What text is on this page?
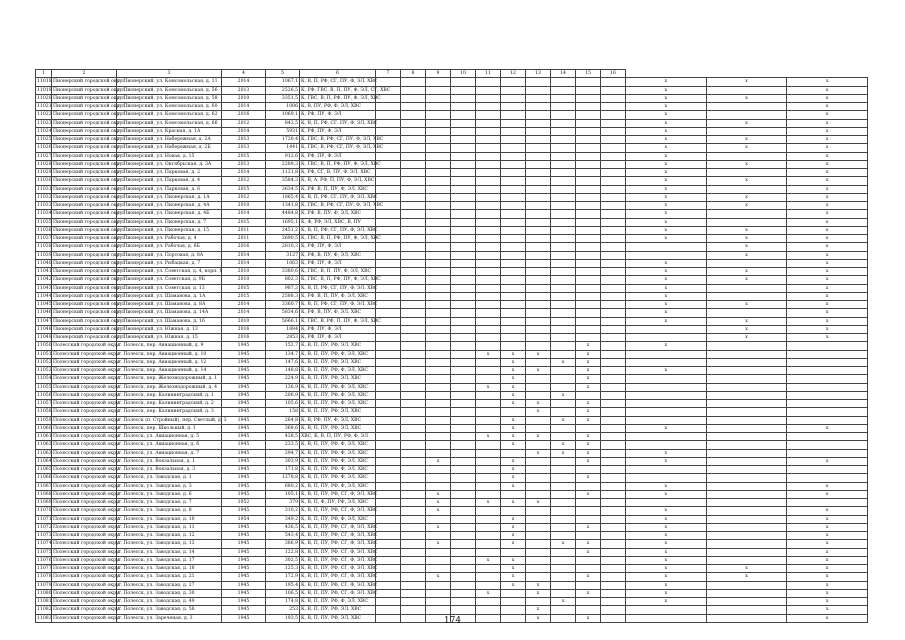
1	2	3	4	5	6	7	8	9	10	11	12	13	14	15	16			
11018	Пионерский городской округ	г. Пионерский, ул. Комсомольская, д. 11	2014	1067,1	К, В, П, РФ, СГ, ПУ, Ф, ЭЛ, ХВС											x	x	x
11019	Пионерский городской округ	г. Пионерский, ул. Комсомольская, д. 56	2013	2526,5	К, РФ, ГВС, В, П, ПУ, Ф, ЭЛ, СГ, ХВС											x		x
11020	Пионерский городской округ	г. Пионерский, ул. Комсомольская, д. 58	2010	3351,5	К, ГВС, В, П, РФ, ПУ, Ф, ЭЛ, ХВС											x	x	x
11021	Пионерский городской округ	г. Пионерский, ул. Комсомольская, д. 60	2014	1006	К, В, ПУ, РФ, Ф, ЭЛ, ХВС											x		x
11022	Пионерский городской округ	г. Пионерский, ул. Комсомольская, д. 62	2016	1069,1	К, РФ, ПУ, Ф, ЭЛ											x		x
11023	Пионерский городской округ	г. Пионерский, ул. Комсомольская, д. 66	2012	842,5	К, В, П, РФ, СГ, ПУ, Ф, ЭЛ, ХВС											x	x	x
11024	Пионерский городской округ	г. Пионерский, ул. Красная, д. 1А	2014	5931	К, РФ, ПУ, Ф, ЭЛ											x		x
11025	Пионерский городской округ	г. Пионерский, ул. Набережная, д. 2А	2013	1730,4	К, ГВС, В, РФ, СГ, ПУ, Ф, ЭЛ, ХВС											x	x	x
11026	Пионерский городской округ	г. Пионерский, ул. Набережная, д. 2Б	2013	1441	К, ГВС, В, РФ, СГ, ПУ, Ф, ЭЛ, ХВС											x	x	x
11027	Пионерский городской округ	г. Пионерский, ул. Новая, д. 15	2015	912,6	К, РФ, ПУ, Ф, ЭЛ											x		x
11028	Пионерский городской округ	г. Пионерский, ул. Октябрьская, д. 3А	2013	2289,3	К, ГВС, В, П, РФ, ПУ, Ф, ЭЛ, ХВС											x	x	x
11029	Пионерский городской округ	г. Пионерский, ул. Парковая, д. 2	2014	1121,8	К, РФ, СГ, В, ПУ, Ф, ЭЛ, ХВС											x		x
11030	Пионерский городской округ	г. Пионерский, ул. Парковая, д. 4	2012	3584,3	К, В, А, РФ, П, ПУ, Ф, ЭЛ, ХВС											x	x	x
11031	Пионерский городской округ	г. Пионерский, ул. Парковая, д. 6	2015	3634,5	К, РФ, В, П, ПУ, Ф, ЭЛ, ХВС											x		x
11032	Пионерский городской округ	г. Пионерский, ул. Пионерская, д. 1А	2012	1865,4	К, В, П, РФ, СГ, ПУ, Ф, ЭЛ, ХВС											x	x	x
11033	Пионерский городской округ	г. Пионерский, ул. Пионерская, д. 4А	2010	1341,8	К, ГВС, В, РФ, СГ, ПУ, Ф, ЭЛ, ХВС											x	x	x
11034	Пионерский городской округ	г. Пионерский, ул. Пионерская, д. 4Б	2014	4484,8	К, РФ, В, ПУ, Ф, ЭЛ, ХВС											x		x
11035	Пионерский городской округ	г. Пионерский, ул. Пионерская, д. 7	2015	1695,1	К, Ф, РФ, ЭЛ, ХВС, В, ПУ											x		x
11036	Пионерский городской округ	г. Пионерский, ул. Пионерская, д. 15	2011	2451,2	К, В, П, РФ, СГ, ПУ, Ф, ЭЛ, ХВС											x	x	x
11037	Пионерский городской округ	г. Пионерский, ул. Рабочая, д. 4	2011	2690,5	К, ГВС, В, П, РФ, ПУ, Ф, ЭЛ, ХВС											x	x	x
11038	Пионерский городской округ	г. Пионерский, ул. Рабочая, д. 6Б	2016	2810,3	К, РФ, ПУ, Ф, ЭЛ												x	x
11039	Пионерский городской округ	г. Пионерский, ул. Портовая, д. 8А	2014	3127	К, РФ, В, ПУ, Ф, ЭЛ, ХВС												x	x
11040	Пионерский городской округ	г. Пионерский, ул. Рыбацкая, д. 7	2014	1063	К, РФ, ПУ, Ф, ЭЛ											x		x
11041	Пионерский городской округ	г. Пионерский, ул. Советская, д. 4, корп. 1	2010	3380,6	К, ГВС, В, П, ПУ, Ф, ЭЛ, ХВС											x	x	x
11042	Пионерский городской округ	г. Пионерский, ул. Советская, д. 9Б	2010	802,3	К, ГВС, В, П, РФ, ПУ, Ф, ЭЛ, ХВС											x	x	x
11043	Пионерский городской округ	г. Пионерский, ул. Советская, д. 13	2015	987,3	К, В, П, РФ, СГ, ПУ, Ф, ЭЛ, ХВС											x		x
11044	Пионерский городской округ	г. Пионерский, ул. Шаманова, д. 1А	2015	2588,3	К, РФ, В, П, ПУ, Ф, ЭЛ, ХВС											x		x
11045	Пионерский городской округ	г. Пионерский, ул. Шаманова, д. 8А	2014	3360,7	К, В, П, РФ, СГ, ПУ, Ф, ЭЛ, ХВС											x	x	x
11046	Пионерский городской округ	г. Пионерский, ул. Шаманова, д. 14А	2014	5834,6	К, РФ, В, ПУ, Ф, ЭЛ, ХВС											x		x
11047	Пионерский городской округ	г. Пионерский, ул. Шаманова, д. 16	2010	5666,1	К, ГВС, В, РФ, П, ПУ, Ф, ЭЛ, ХВС											x	x	x
11048	Пионерский городской округ	г. Пионерский, ул. Южная, д. 13	2016	1884	К, РФ, ПУ, Ф, ЭЛ												x	x
11049	Пионерский городской округ	г. Пионерский, ул. Южная, д. 15	2016	2853	К, РФ, ПУ, Ф, ЭЛ												x	x
11050	Полесский городской округ	г. Полесск, пер. Авиационный, д. 9	1945	152,7	К, В, П, ПУ, РФ, ЭЛ, ХВС									x		x		
11051	Полесский городской округ	г. Полесск, пер. Авиационный, д. 10	1945	134,7	К, В, П, ПУ, РФ, Ф, ЭЛ, ХВС					x	x	x		x				
11052	Полесский городской округ	г. Полесск, пер. Авиационный, д. 12	1945	147,6	К, В, П, ПУ, РФ, ЭЛ, ХВС						x		x	x				
11053	Полесский городской округ	г. Полесск, пер. Авиационный, д. 14	1945	148,8	К, В, П, ПУ, РФ, Ф, ЭЛ, ХВС						x	x		x		x		
11054	Полесский городской округ	г. Полесск, пер. Железнодорожный, д. 1	1945	224,9	К, В, П, ПУ, РФ, ЭЛ, ХВС						x			x				
11055	Полесский городской округ	г. Полесск, пер. Железнодорожный, д. 4	1945	136,9	К, В, П, ПУ, РФ, Ф, ЭЛ, ХВС					x	x			x				
11056	Полесский городской округ	г. Полесск, пер. Калининградский, д. 1	1945	206,9	К, В, П, ПУ, РФ, Ф, ЭЛ, ХВС						x		x					
11057	Полесский городской округ	г. Полесск, пер. Калининградский, д. 2	1945	105,6	К, В, П, ПУ, РФ, Ф, ЭЛ, ХВС						x	x		x				
11058	Полесский городской округ	г. Полесск, пер. Калининградский, д. 3	1945	158	К, В, П, ПУ, РФ, ЭЛ, ХВС							x		x				
11059	Полесский городской округ	г. Полесск (п. Стройный), пер. Светлый, д. 3	1945	264,8	К, В, РФ, ПУ, Ф, ЭЛ, ХВС						x		x	x				
11060	Полесский городской округ	г. Полесск, пер. Школьный, д. 1	1945	368,6	К, В, П, ПУ, РФ, ЭЛ, ХВС						x					x		x
11061	Полесский городской округ	г. Полесск, ул. Авиационная, д. 5	1945	438,5	ХВС, К, В, П, ПУ, РФ, Ф, ЭЛ					x	x	x		x				
11062	Полесский городской округ	г. Полесск, ул. Авиационная, д. 6	1945	233,5	К, В, П, ПУ, РФ, Ф, ЭЛ, ХВС						x		x	x				
11063	Полесский городской округ	г. Полесск, ул. Авиационная, д. 7	1945	294,7	К, В, П, ПУ, РФ, Ф, ЭЛ, ХВС							x	x	x		x		
11064	Полесский городской округ	г. Полесск, ул. Вокзальная, д. 1	1945	303,9	К, В, П, ПУ, РФ, Ф, ЭЛ, ХВС			x			x			x		x		x
11065	Полесский городской округ	г. Полесск, ул. Вокзальная, д. 3	1945	171,8	К, В, П, ПУ, РФ, Ф, ЭЛ, ХВС						x							
11066	Полесский городской округ	г. Полесск, ул. Заводская, д. 1	1945	1278,8	К, В, П, ПУ, РФ, Ф, ЭЛ, ХВС						x			x				
11067	Полесский городской округ	г. Полесск, ул. Заводская, д. 3	1945	680,2	К, В, П, ПУ, РФ, Ф, ЭЛ, ХВС						x					x		x
11068	Полесский городской округ	г. Полесск, ул. Заводская, д. 6	1945	105,1	К, В, П, ПУ, РФ, СГ, Ф, ЭЛ, ХВС			x						x		x		x
11069	Полесский городской округ	г. Полесск, ул. Заводская, д. 7	1952	379	К, В, П, Ф, ПУ, РФ, ЭЛ, ХВС			x		x	x	x						
11070	Полесский городской округ	г. Полесск, ул. Заводская, д. 8	1945	310,2	К, В, П, ПУ, РФ, СГ, Ф, ЭЛ, ХВС			x								x		x
11071	Полесский городской округ	г. Полесск, ул. Заводская, д. 10	1954	349,2	К, В, П, ПУ, РФ, Ф, ЭЛ, ХВС						x					x		x
11072	Полесский городской округ	г. Полесск, ул. Заводская, д. 11	1945	436,5	К, В, П, ПУ, РФ, СГ, Ф, ЭЛ, ХВС			x			x			x		x		x
11073	Полесский городской округ	г. Полесск, ул. Заводская, д. 12	1945	543,4	К, В, П, ПУ, РФ, СГ, Ф, ЭЛ, ХВС						x					x		x
11074	Полесский городской округ	г. Полесск, ул. Заводская, д. 13	1945	386,9	К, В, П, ПУ, РФ, СГ, Ф, ЭЛ, ХВС			x			x		x	x		x		x
11075	Полесский городской округ	г. Полесск, ул. Заводская, д. 14	1945	122,8	К, В, П, ПУ, РФ, СГ, Ф, ЭЛ, ХВС									x		x		x
11076	Полесский городской округ	г. Полесск, ул. Заводская, д. 17	1945	302,5	К, В, П, ПУ, РФ, СГ, Ф, ЭЛ, ХВС					x	x					x		x
11077	Полесский городской округ	г. Полесск, ул. Заводская, д. 18	1945	125,3	К, В, П, ПУ, РФ, СГ, Ф, ЭЛ, ХВС						x					x	x	x
11078	Полесский городской округ	г. Полесск, ул. Заводская, д. 21	1945	172,9	К, В, П, ПУ, РФ, СГ, Ф, ЭЛ, ХВС			x			x			x		x	x	x
11079	Полесский городской округ	г. Полесск, ул. Заводская, д. 27	1945	195,4	К, В, П, ПУ, РФ, СГ, Ф, ЭЛ, ХВС						x	x				x		x
11080	Полесский городской округ	г. Полесск, ул. Заводская, д. 30	1945	106,5	К, В, П, ПУ, РФ, СГ, Ф, ЭЛ, ХВС					x		x		x		x		x
11081	Полесский городской округ	г. Полесск, ул. Заводская, д. 49	1945	174,8	К, В, П, ПУ, РФ, Ф, ЭЛ, ХВС								x			x		x
11082	Полесский городской округ	г. Полесск, ул. Заводская, д. 58	1945	253	К, В, П, ПУ, РФ, ЭЛ, ХВС							x						x
11083	Полесский городской округ	г. Полесск, ул. Зареченая, д. 3	1945	193,5	К, В, П, ПУ, РФ, ЭЛ, ХВС							x		x				x
174
